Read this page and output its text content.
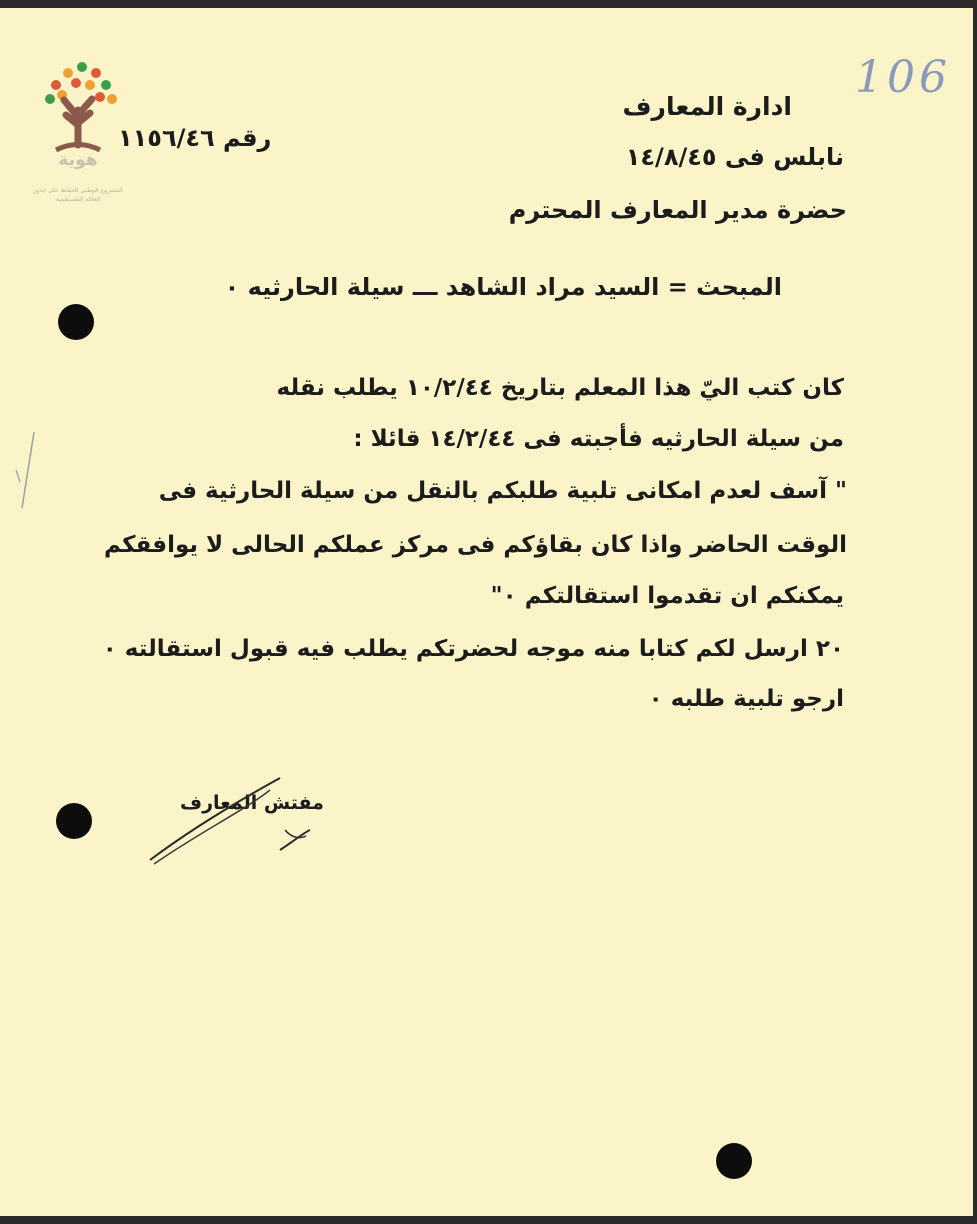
هوية
المشروع الوطني للحفاظ على جذور العائلة الفلسطينية
106
ادارة المعارف
نابلس فى ١٤/٨/٤٥
رقم ١١٥٦/٤٦
حضرة مدير المعارف المحترم
المبحث = السيد مراد الشاهد ـــ سيلة الحارثيه ٠
كان كتب اليّ هذا المعلم بتاريخ ١٠/٢/٤٤ يطلب نقله
من سيلة الحارثيه فأجبته فى ١٤/٢/٤٤ قائلا :
" آسف لعدم امكانى تلبية طلبكم بالنقل من سيلة الحارثية فى
الوقت الحاضر واذا كان بقاؤكم فى مركز عملكم الحالى لا يوافقكم
يمكنكم ان تقدموا استقالتكم ٠"
٢٠ ارسل لكم كتابا منه موجه لحضرتكم يطلب فيه قبول استقالته ٠
ارجو تلبية طلبه ٠
مفتش المعارف
